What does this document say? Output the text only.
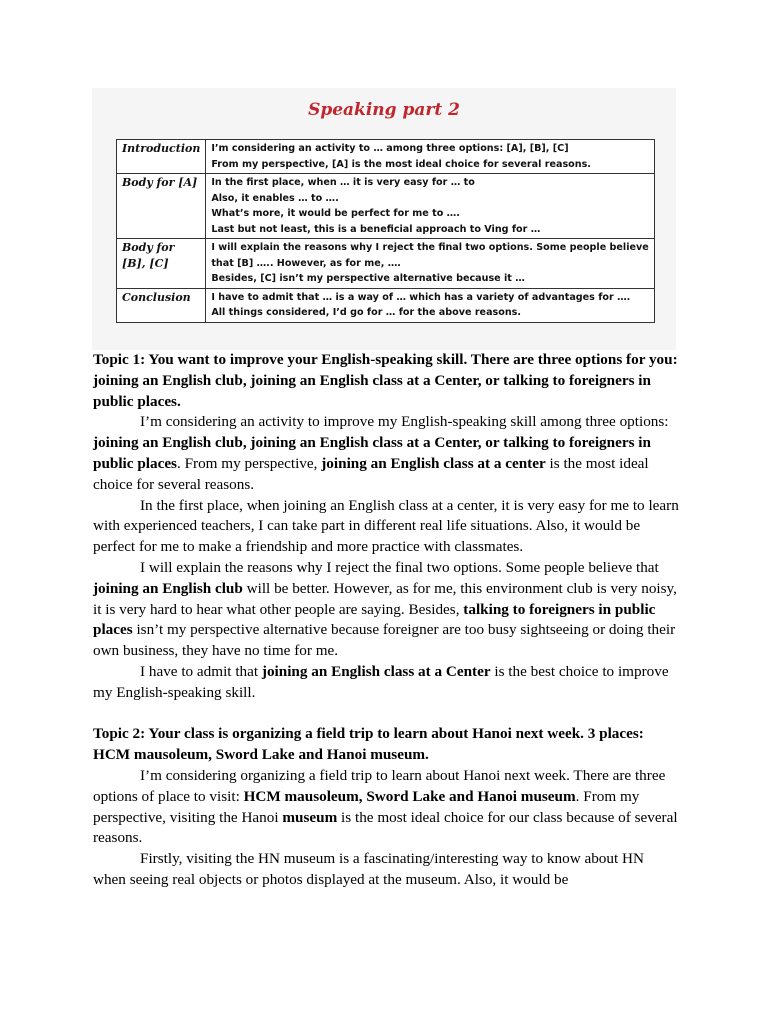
Speaking part 2
Introduction	I’m considering an activity to … among three options: [A], [B], [C]
From my perspective, [A] is the most ideal choice for several reasons.

Body for [A]	In the first place, when … it is very easy for … to
Also, it enables … to ….
What’s more, it would be perfect for me to ….
Last but not least, this is a beneficial approach to Ving for …

Body for [B], [C]	I will explain the reasons why I reject the final two options. Some people believe
that [B] ….. However, as for me, ….
Besides, [C] isn’t my perspective alternative because it …

Conclusion	I have to admit that … is a way of … which has a variety of advantages for ….
All things considered, I’d go for … for the above reasons.

Topic 1: You want to improve your English-speaking skill. There are three options for you: joining an English club, joining an English class at a Center, or talking to foreigners in public places.

I’m considering an activity to improve my English-speaking skill among three options: joining an English club, joining an English class at a Center, or talking to foreigners in public places. From my perspective, joining an English class at a center is the most ideal choice for several reasons.

In the first place, when joining an English class at a center, it is very easy for me to learn with experienced teachers, I can take part in different real life situations. Also, it would be perfect for me to make a friendship and more practice with classmates.

I will explain the reasons why I reject the final two options. Some people believe that joining an English club will be better. However, as for me, this environment club is very noisy, it is very hard to hear what other people are saying. Besides, talking to foreigners in public places isn’t my perspective alternative because foreigner are too busy sightseeing or doing their own business, they have no time for me.

I have to admit that joining an English class at a Center is the best choice to improve my English-speaking skill.

Topic 2: Your class is organizing a field trip to learn about Hanoi next week. 3 places: HCM mausoleum, Sword Lake and Hanoi museum.

I’m considering organizing a field trip to learn about Hanoi next week. There are three options of place to visit: HCM mausoleum, Sword Lake and Hanoi museum. From my perspective, visiting the Hanoi museum is the most ideal choice for our class because of several reasons.

Firstly, visiting the HN museum is a fascinating/interesting way to know about HN when seeing real objects or photos displayed at the museum. Also, it would be
